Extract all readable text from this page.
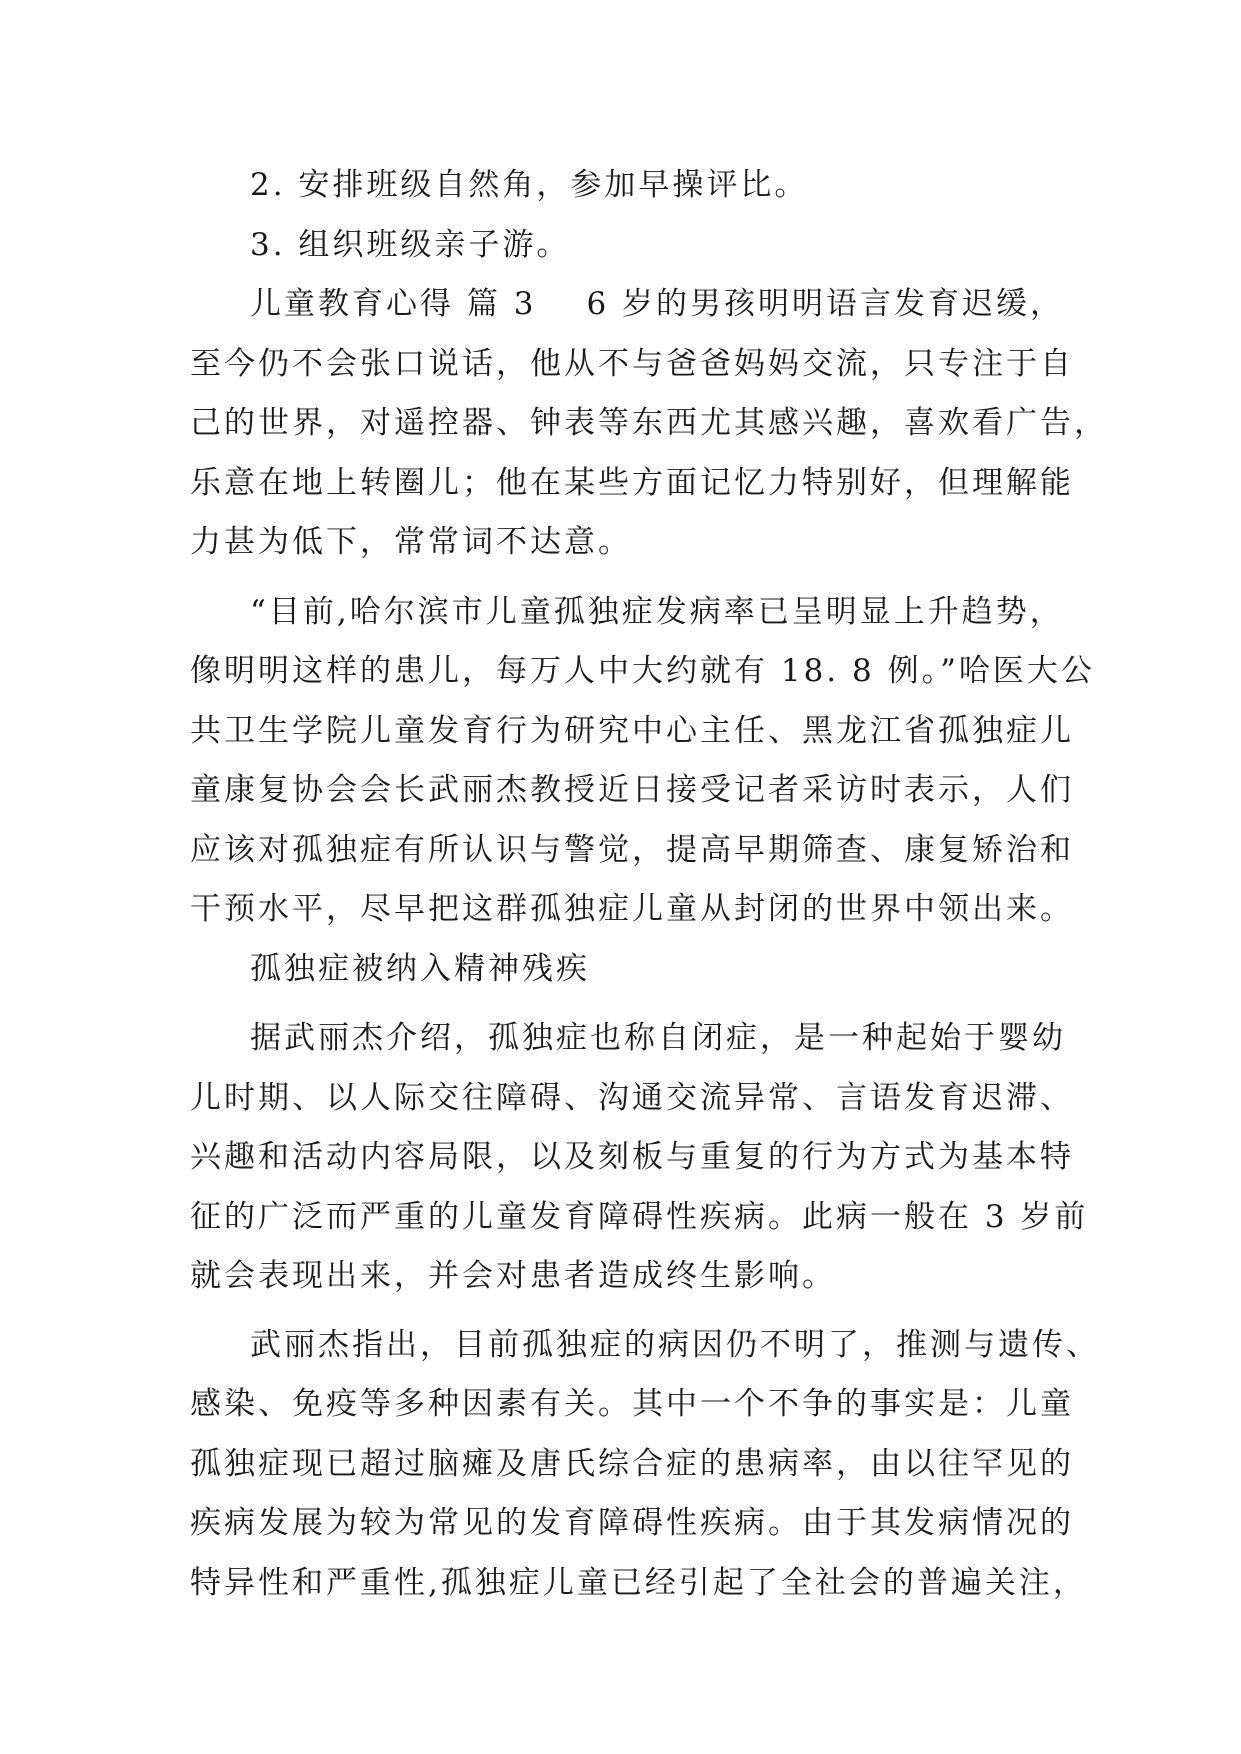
2. 安排班级自然角，参加早操评比。
3. 组织班级亲子游。
儿童教育心得 篇 3 6 岁的男孩明明语言发育迟缓，
至今仍不会张口说话，他从不与爸爸妈妈交流，只专注于自
己的世界，对遥控器、钟表等东西尤其感兴趣，喜欢看广告，
乐意在地上转圈儿；他在某些方面记忆力特别好，但理解能
力甚为低下，常常词不达意。
“目前,哈尔滨市儿童孤独症发病率已呈明显上升趋势，
像明明这样的患儿，每万人中大约就有 18. 8 例。”哈医大公
共卫生学院儿童发育行为研究中心主任、黑龙江省孤独症儿
童康复协会会长武丽杰教授近日接受记者采访时表示，人们
应该对孤独症有所认识与警觉，提高早期筛查、康复矫治和
干预水平，尽早把这群孤独症儿童从封闭的世界中领出来。
孤独症被纳入精神残疾
据武丽杰介绍，孤独症也称自闭症，是一种起始于婴幼
儿时期、以人际交往障碍、沟通交流异常、言语发育迟滞、
兴趣和活动内容局限，以及刻板与重复的行为方式为基本特
征的广泛而严重的儿童发育障碍性疾病。此病一般在 3 岁前
就会表现出来，并会对患者造成终生影响。
武丽杰指出，目前孤独症的病因仍不明了，推测与遗传、
感染、免疫等多种因素有关。其中一个不争的事实是：儿童
孤独症现已超过脑瘫及唐氏综合症的患病率，由以往罕见的
疾病发展为较为常见的发育障碍性疾病。由于其发病情况的
特异性和严重性,孤独症儿童已经引起了全社会的普遍关注，
